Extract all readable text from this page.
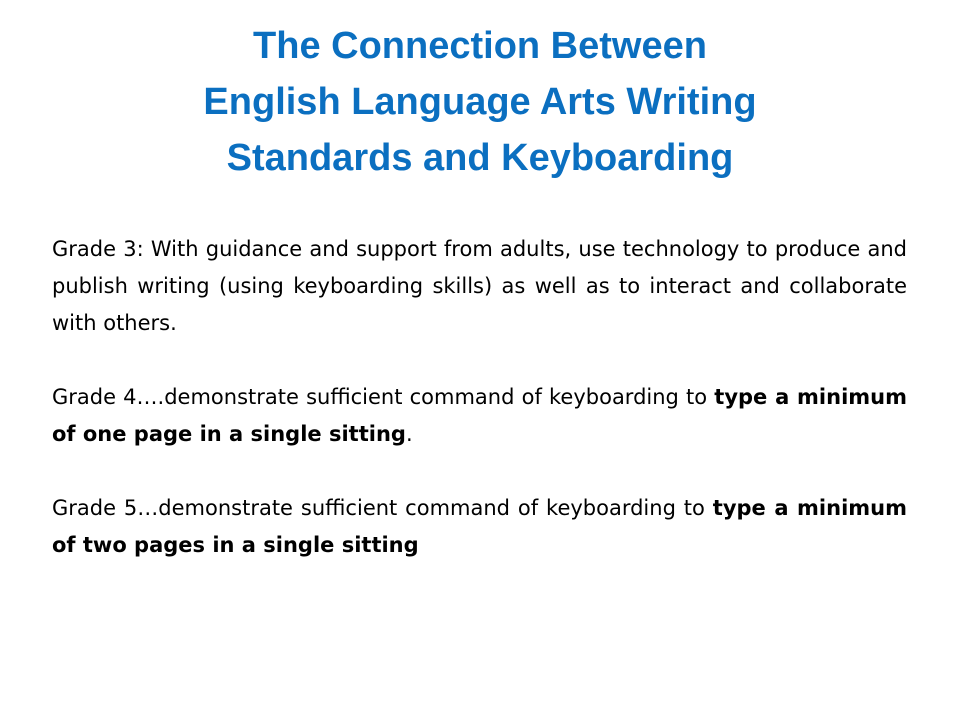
The Connection Between
English Language Arts Writing
Standards and Keyboarding

Grade 3: With guidance and support from adults, use technology to produce and publish writing (using keyboarding skills) as well as to interact and collaborate with others.

Grade 4….demonstrate sufficient command of keyboarding to type a minimum of one page in a single sitting.

Grade 5…demonstrate sufficient command of keyboarding to type a minimum of two pages in a single sitting
